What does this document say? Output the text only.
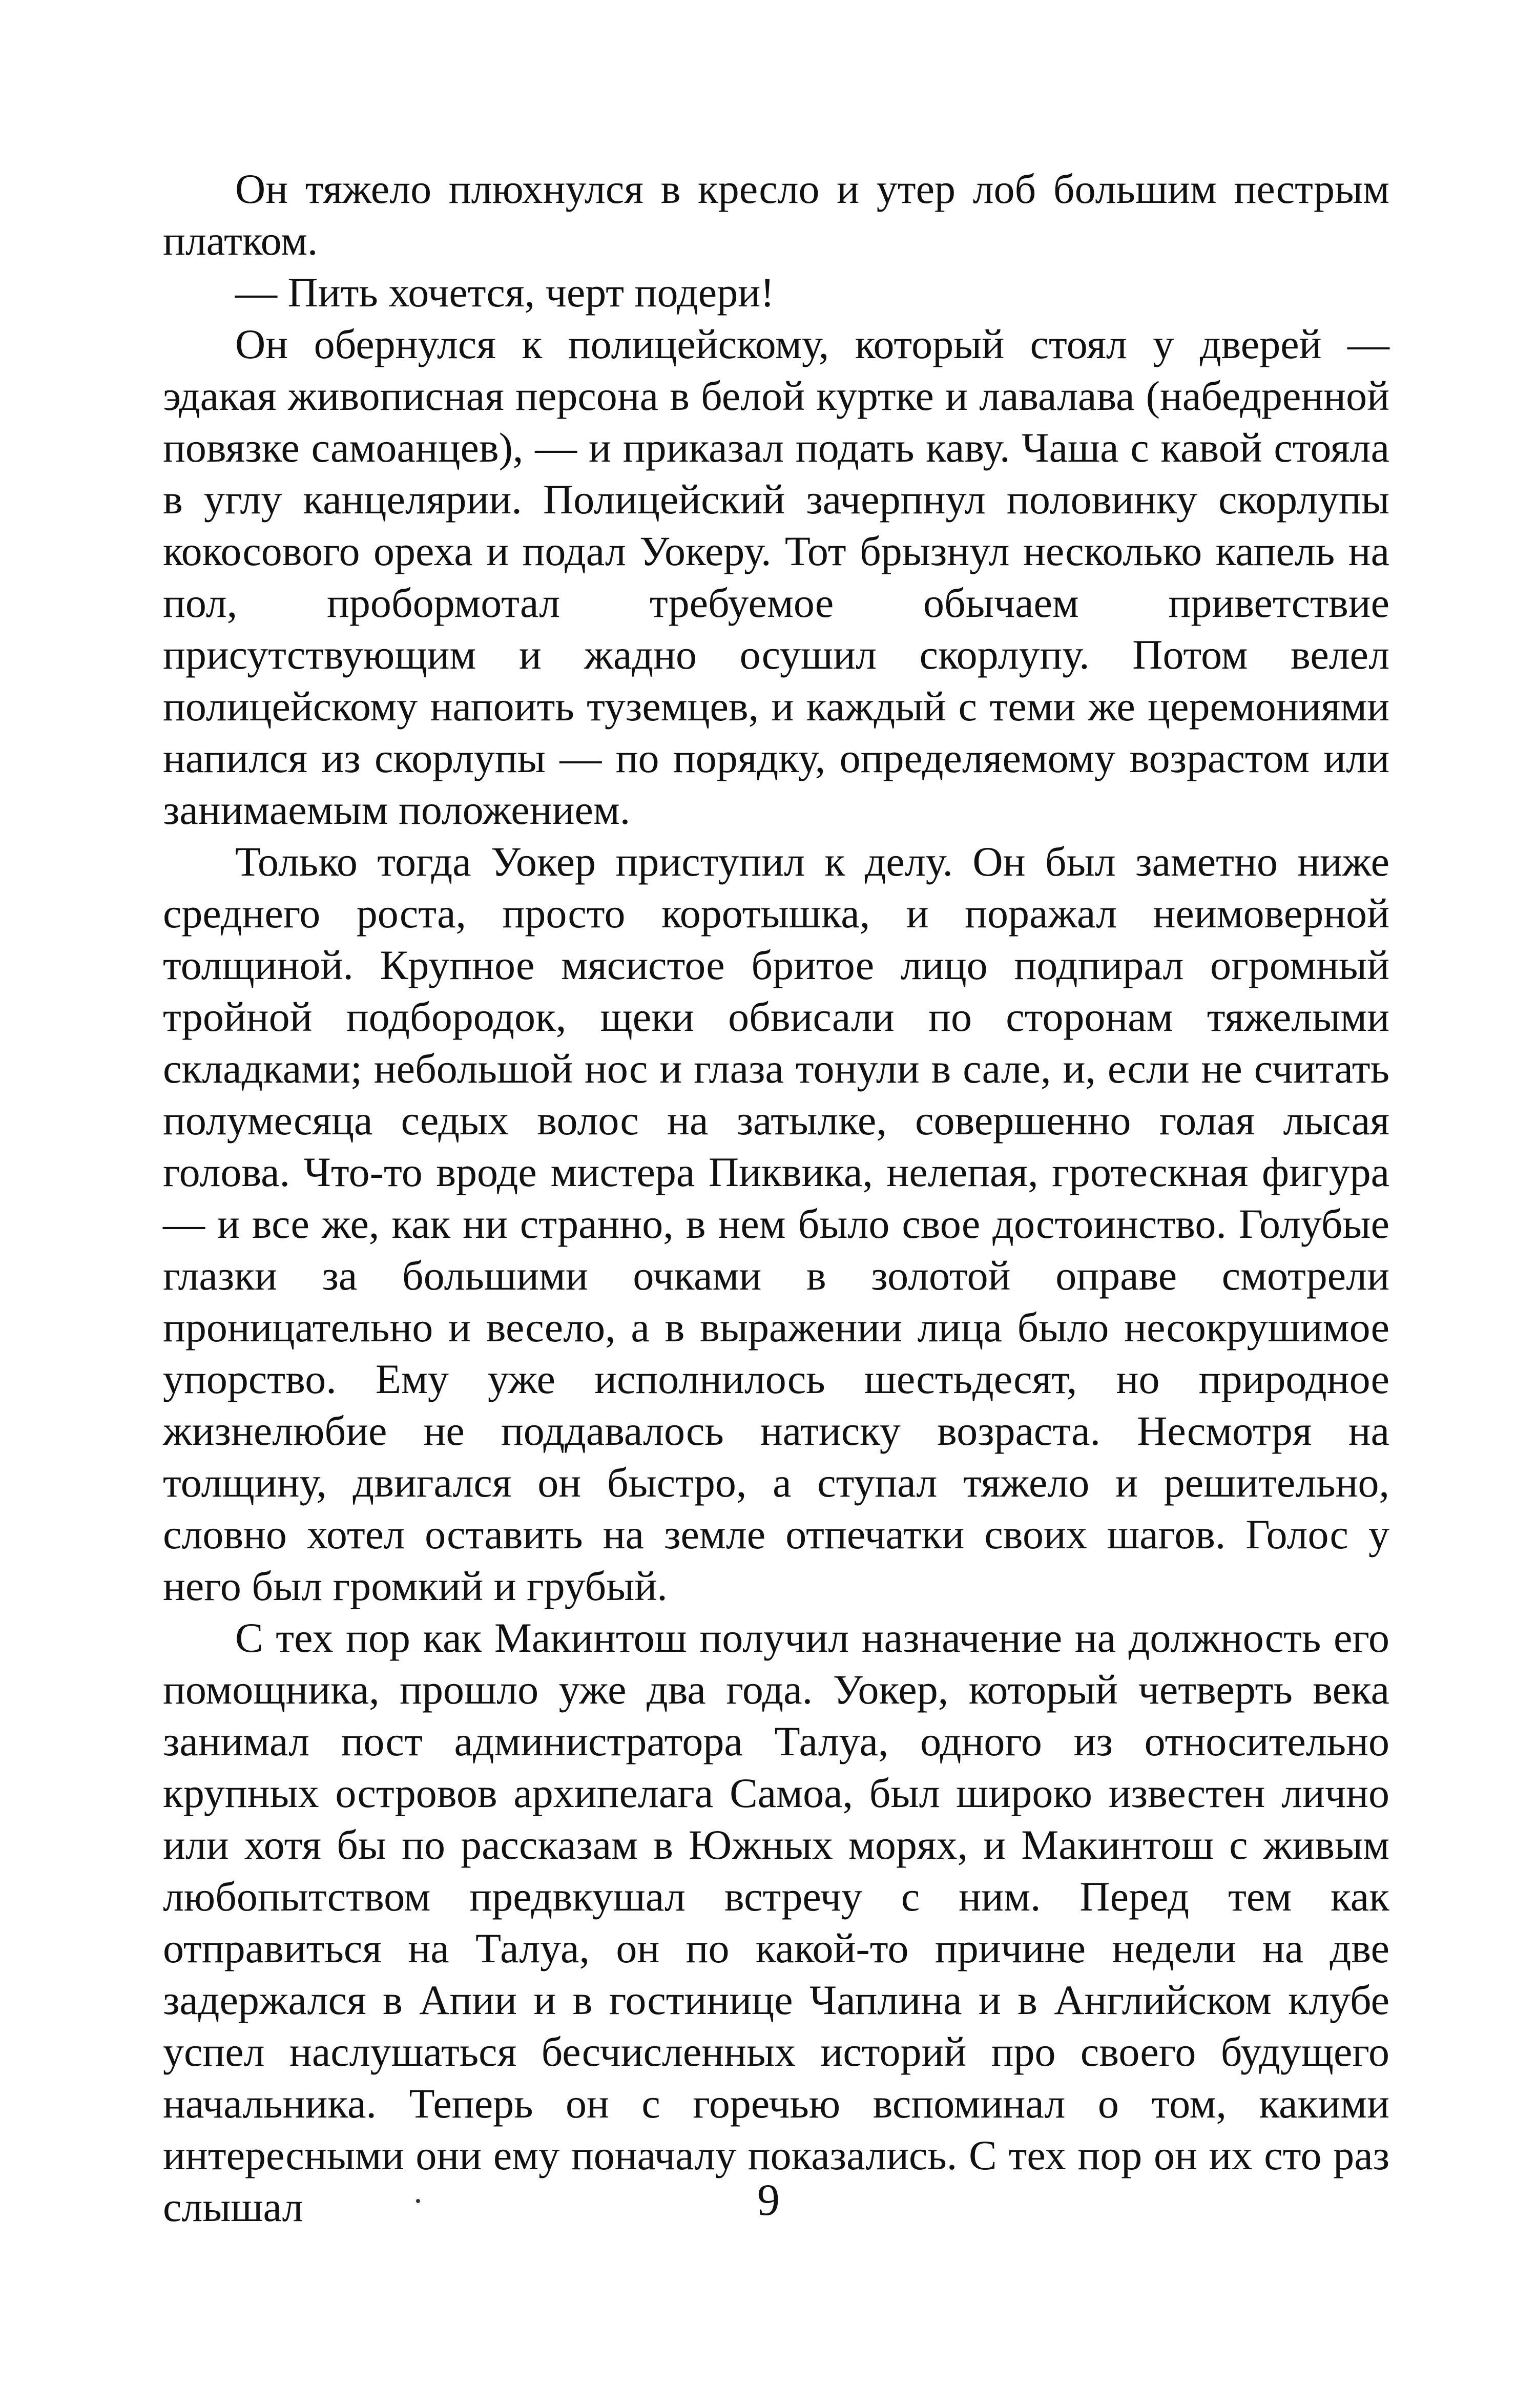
Он тяжело плюхнулся в кресло и утер лоб большим пестрым платком.

— Пить хочется, черт подери!

Он обернулся к полицейскому, который стоял у дверей — эдакая живописная персона в белой куртке и лавалава (набедренной повязке самоанцев), — и приказал подать каву. Чаша с кавой стояла в углу канцелярии. Полицейский зачерпнул половинку скорлупы кокосового ореха и подал Уокеру. Тот брызнул несколько капель на пол, пробормотал требуемое обычаем приветствие присутствующим и жадно осушил скорлупу. Потом велел полицейскому напоить туземцев, и каждый с теми же церемониями напился из скорлупы — по порядку, определяемому возрастом или занимаемым положением.

Только тогда Уокер приступил к делу. Он был заметно ниже среднего роста, просто коротышка, и поражал неимоверной толщиной. Крупное мясистое бритое лицо подпирал огромный тройной подбородок, щеки обвисали по сторонам тяжелыми складками; небольшой нос и глаза тонули в сале, и, если не считать полумесяца седых волос на затылке, совершенно голая лысая голова. Что-то вроде мистера Пиквика, нелепая, гротескная фигура — и все же, как ни странно, в нем было свое достоинство. Голубые глазки за большими очками в золотой оправе смотрели проницательно и весело, а в выражении лица было несокрушимое упорство. Ему уже исполнилось шестьдесят, но природное жизнелюбие не поддавалось натиску возраста. Несмотря на толщину, двигался он быстро, а ступал тяжело и решительно, словно хотел оставить на земле отпечатки своих шагов. Голос у него был громкий и грубый.

С тех пор как Макинтош получил назначение на должность его помощника, прошло уже два года. Уокер, который четверть века занимал пост администратора Талуа, одного из относительно крупных островов архипелага Самоа, был широко известен лично или хотя бы по рассказам в Южных морях, и Макинтош с живым любопытством предвкушал встречу с ним. Перед тем как отправиться на Талуа, он по какой-то причине недели на две задержался в Апии и в гостинице Чаплина и в Английском клубе успел наслушаться бесчисленных историй про своего будущего начальника. Теперь он с горечью вспоминал о том, какими интересными они ему поначалу показались. С тех пор он их сто раз слышал	9
